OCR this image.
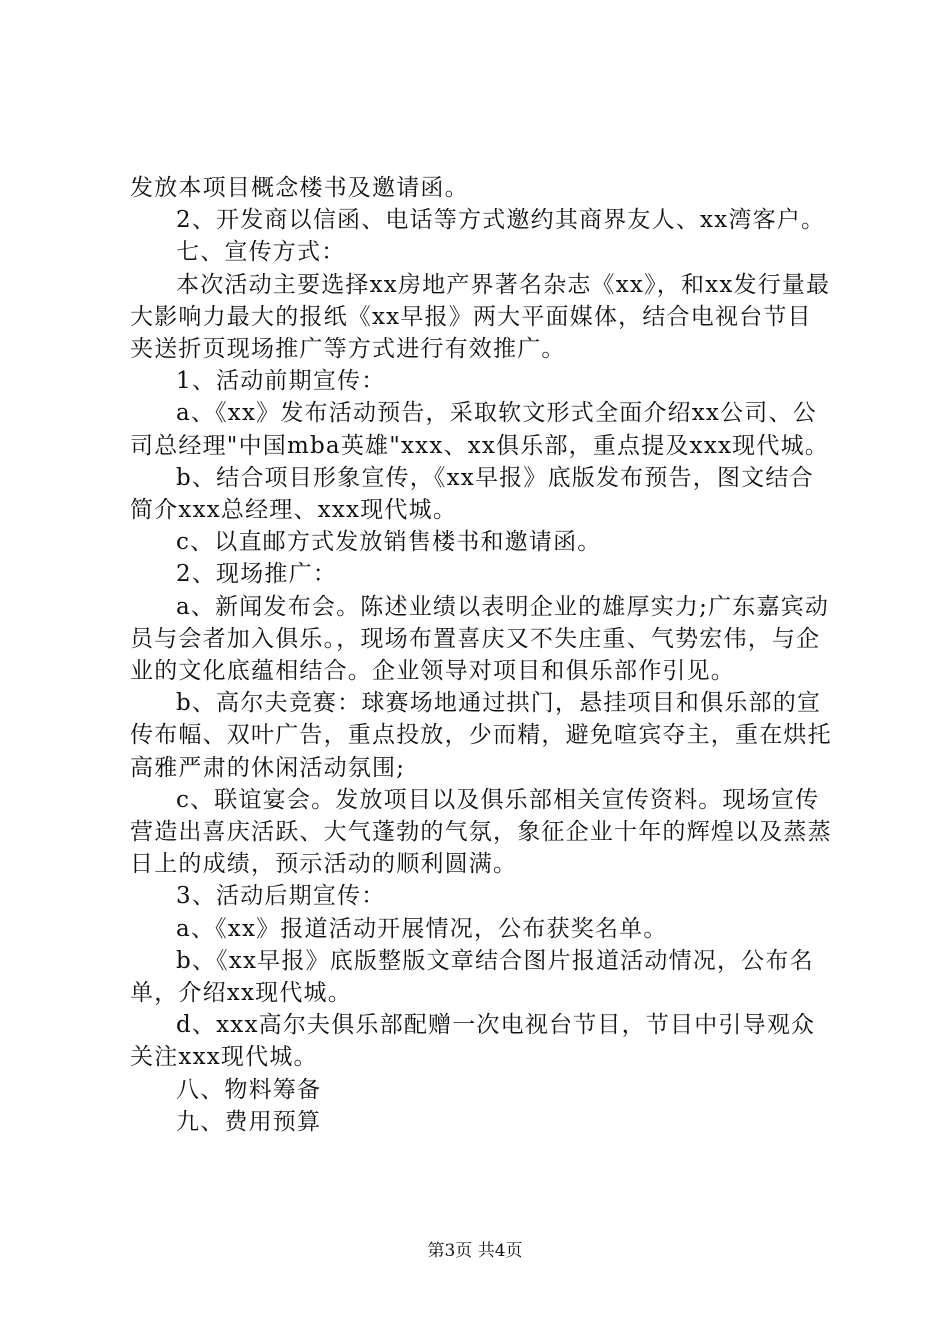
发放本项目概念楼书及邀请函。

2、开发商以信函、电话等方式邀约其商界友人、xx湾客户。

七、宣传方式：

本次活动主要选择xx房地产界著名杂志《xx》，和xx发行量最大影响力最大的报纸《xx早报》两大平面媒体，结合电视台节目夹送折页现场推广等方式进行有效推广。

1、活动前期宣传：

a、《xx》发布活动预告，采取软文形式全面介绍xx公司、公司总经理"中国mba英雄"xxx、xx俱乐部，重点提及xxx现代城。

b、结合项目形象宣传，《xx早报》底版发布预告，图文结合简介xxx总经理、xxx现代城。

c、以直邮方式发放销售楼书和邀请函。

2、现场推广：

a、新闻发布会。陈述业绩以表明企业的雄厚实力;广东嘉宾动员与会者加入俱乐。，现场布置喜庆又不失庄重、气势宏伟，与企业的文化底蕴相结合。企业领导对项目和俱乐部作引见。

b、高尔夫竞赛：球赛场地通过拱门，悬挂项目和俱乐部的宣传布幅、双叶广告，重点投放，少而精，避免喧宾夺主，重在烘托高雅严肃的休闲活动氛围;

c、联谊宴会。发放项目以及俱乐部相关宣传资料。现场宣传营造出喜庆活跃、大气蓬勃的气氛，象征企业十年的辉煌以及蒸蒸日上的成绩，预示活动的顺利圆满。

3、活动后期宣传：

a、《xx》报道活动开展情况，公布获奖名单。

b、《xx早报》底版整版文章结合图片报道活动情况，公布名单，介绍xx现代城。

d、xxx高尔夫俱乐部配赠一次电视台节目，节目中引导观众关注xxx现代城。

八、物料筹备

九、费用预算

第3页 共4页
